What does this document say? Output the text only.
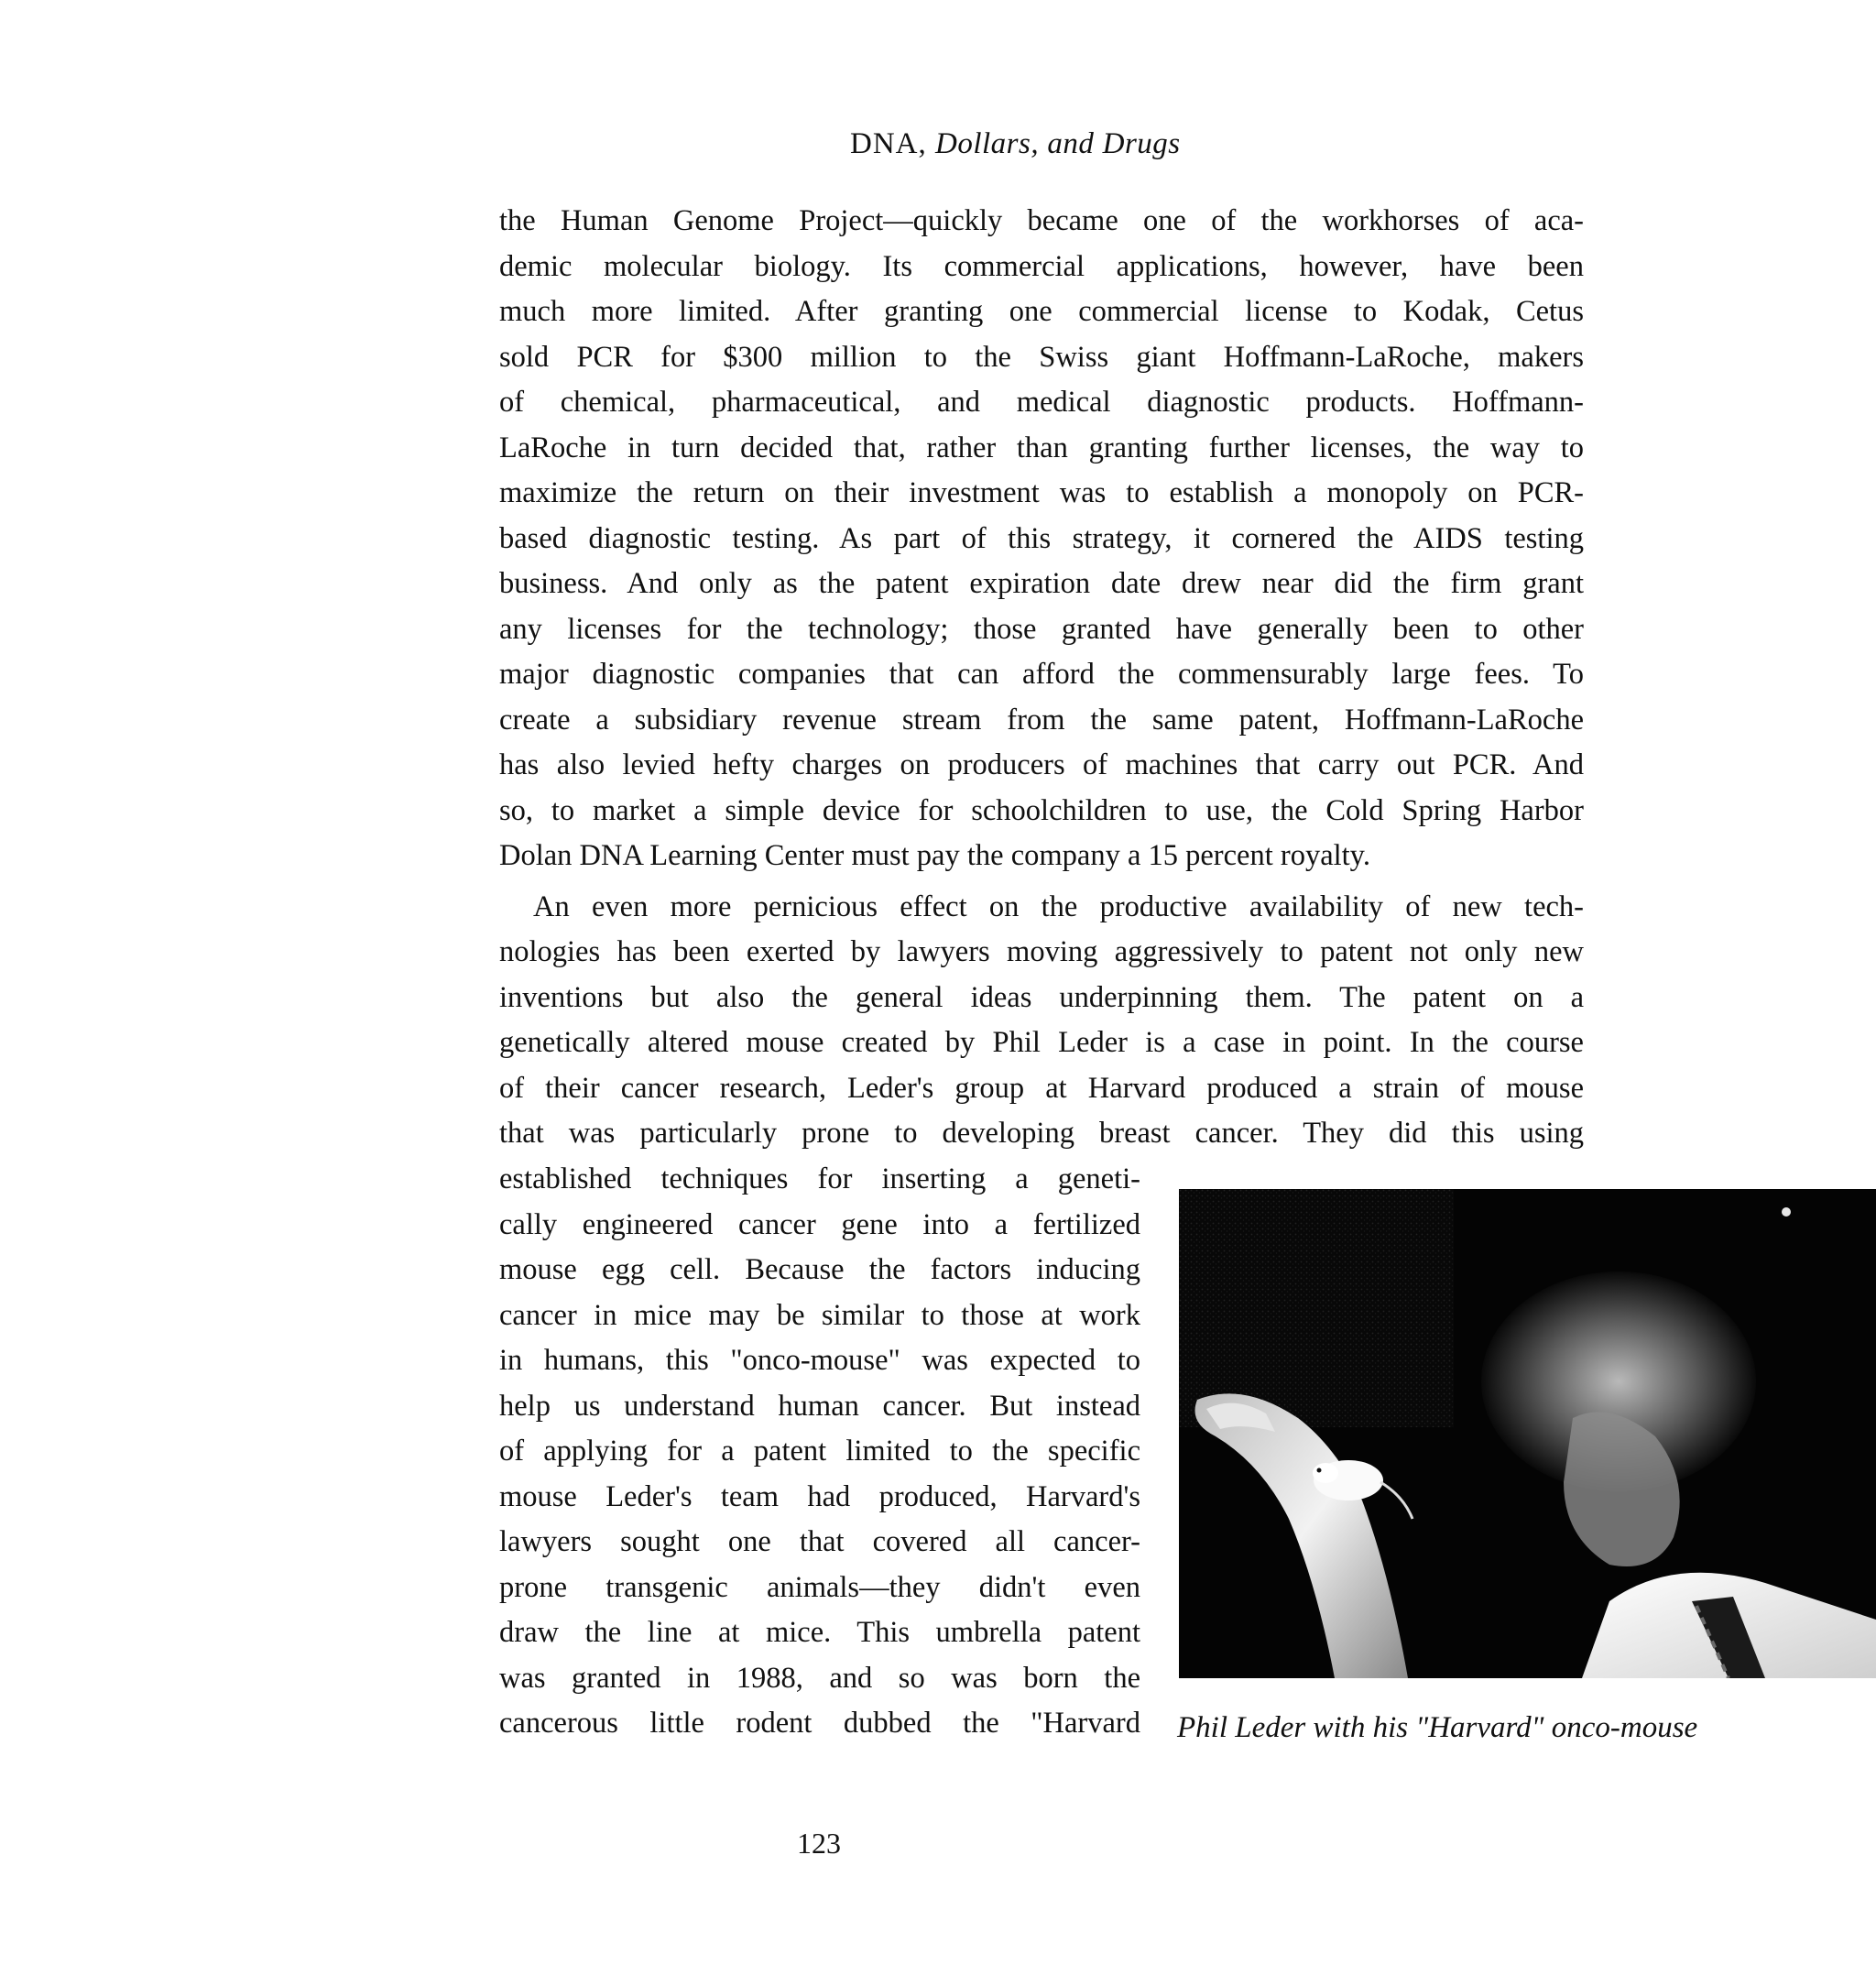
DNA, Dollars, and Drugs
the Human Genome Project—quickly became one of the workhorses of aca-
demic molecular biology. Its commercial applications, however, have been
much more limited. After granting one commercial license to Kodak, Cetus
sold PCR for $300 million to the Swiss giant Hoffmann-LaRoche, makers
of chemical, pharmaceutical, and medical diagnostic products. Hoffmann-
LaRoche in turn decided that, rather than granting further licenses, the way to
maximize the return on their investment was to establish a monopoly on PCR-
based diagnostic testing. As part of this strategy, it cornered the AIDS testing
business. And only as the patent expiration date drew near did the firm grant
any licenses for the technology; those granted have generally been to other
major diagnostic companies that can afford the commensurably large fees. To
create a subsidiary revenue stream from the same patent, Hoffmann-LaRoche
has also levied hefty charges on producers of machines that carry out PCR. And
so, to market a simple device for schoolchildren to use, the Cold Spring Harbor
Dolan DNA Learning Center must pay the company a 15 percent royalty.
An even more pernicious effect on the productive availability of new tech-
nologies has been exerted by lawyers moving aggressively to patent not only new
inventions but also the general ideas underpinning them. The patent on a
genetically altered mouse created by Phil Leder is a case in point. In the course
of their cancer research, Leder's group at Harvard produced a strain of mouse
that was particularly prone to developing breast cancer. They did this using
established techniques for inserting a geneti-
cally engineered cancer gene into a fertilized
mouse egg cell. Because the factors inducing
cancer in mice may be similar to those at work
in humans, this "onco-mouse" was expected to
help us understand human cancer. But instead
of applying for a patent limited to the specific
mouse Leder's team had produced, Harvard's
lawyers sought one that covered all cancer-
prone transgenic animals—they didn't even
draw the line at mice. This umbrella patent
was granted in 1988, and so was born the
cancerous little rodent dubbed the "Harvard Phil Leder with his "Harvard" onco-mouse
123
